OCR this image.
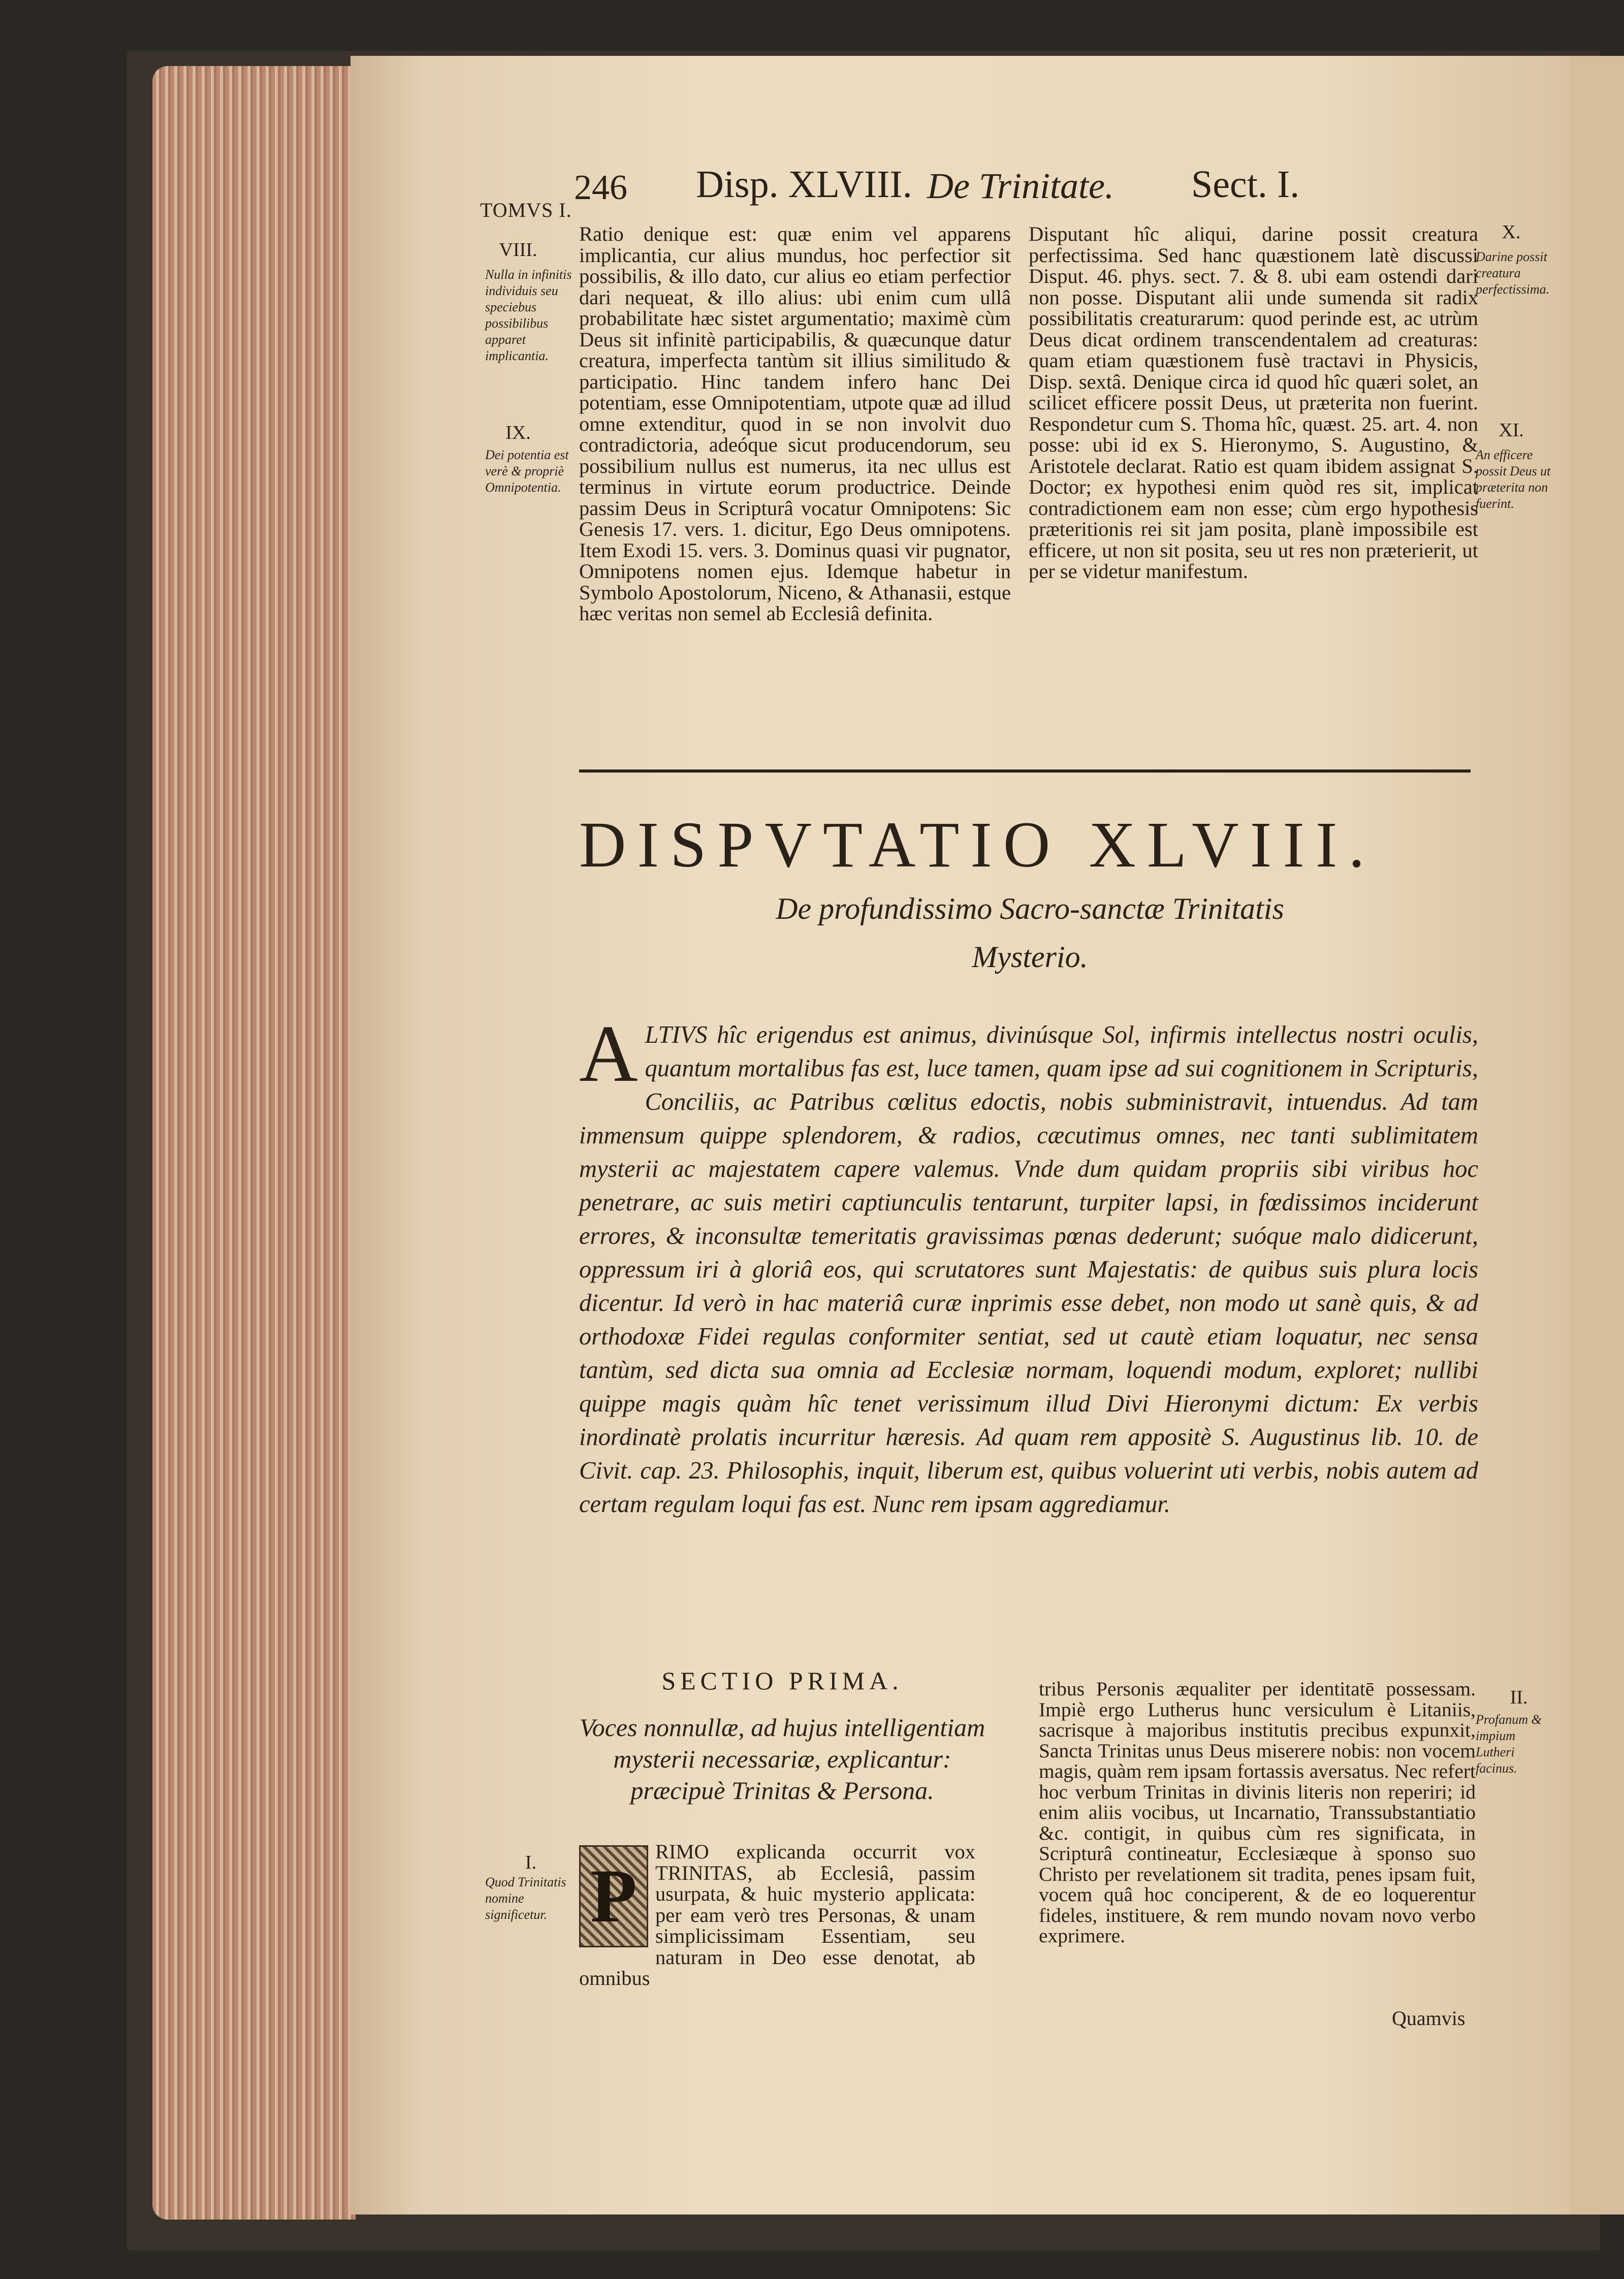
TOMVS I.
246 Disp. XLVIII. De Trinitate. Sect. I.
VIII.
Nulla in infinitis individuis seu speciebus possibilibus apparet implicantia.
IX.
Dei potentia est verè & propriè Omnipotentia.
Ratio denique est: quæ enim vel apparens implicantia, cur alius mundus, hoc perfectior sit possibilis, & illo dato, cur alius eo etiam perfectior dari nequeat, & illo alius: ubi enim cum ullâ probabilitate hæc sistet argumentatio; maximè cùm Deus sit infinitè participabilis, & quæcunque datur creatura, imperfecta tantùm sit illius similitudo & participatio. Hinc tandem infero hanc Dei potentiam, esse Omnipotentiam, utpote quæ ad illud omne extenditur, quod in se non involvit duo contradictoria, adeóque sicut producendorum, seu possibilium nullus est numerus, ita nec ullus est terminus in virtute eorum productrice. Deinde passim Deus in Scripturâ vocatur Omnipotens: Sic Genesis 17. vers. 1. dicitur, Ego Deus omnipotens. Item Exodi 15. vers. 3. Dominus quasi vir pugnator, Omnipotens nomen ejus. Idemque habetur in Symbolo Apostolorum, Niceno, & Athanasii, estque hæc veritas non semel ab Ecclesiâ definita.
Disputant hîc aliqui, darine possit creatura perfectissima. Sed hanc quæstionem latè discussi Disput. 46. phys. sect. 7. & 8. ubi eam ostendi dari non posse. Disputant alii unde sumenda sit radix possibilitatis creaturarum: quod perinde est, ac utrùm Deus dicat ordinem transcendentalem ad creaturas: quam etiam quæstionem fusè tractavi in Physicis, Disp. sextâ. Denique circa id quod hîc quæri solet, an scilicet efficere possit Deus, ut præterita non fuerint. Respondetur cum S. Thoma hîc, quæst. 25. art. 4. non posse: ubi id ex S. Hieronymo, S. Augustino, & Aristotele declarat. Ratio est quam ibidem assignat S. Doctor; ex hypothesi enim quòd res sit, implicat contradictionem eam non esse; cùm ergo hypothesis præteritionis rei sit jam posita, planè impossibile est efficere, ut non sit posita, seu ut res non præterierit, ut per se videtur manifestum.
X.
Darine possit creatura perfectissima.
XI.
An efficere possit Deus ut præterita non fuerint.
DISPVTATIO XLVIII.
De profundissimo Sacro-sanctæ Trinitatis
Mysterio.
A LTIVS hîc erigendus est animus, divinúsque Sol, infirmis intellectus nostri oculis, quantum mortalibus fas est, luce tamen, quam ipse ad sui cognitionem in Scripturis, Conciliis, ac Patribus cœlitus edoctis, nobis subministravit, intuendus. Ad tam immensum quippe splendorem, & radios, cæcutimus omnes, nec tanti sublimitatem mysterii ac majestatem capere valemus. Vnde dum quidam propriis sibi viribus hoc penetrare, ac suis metiri captiunculis tentarunt, turpiter lapsi, in fœdissimos inciderunt errores, & inconsultæ temeritatis gravissimas pœnas dederunt; suóque malo didicerunt, oppressum iri à gloriâ eos, qui scrutatores sunt Majestatis: de quibus suis plura locis dicentur. Id verò in hac materiâ curæ inprimis esse debet, non modo ut sanè quis, & ad orthodoxæ Fidei regulas conformiter sentiat, sed ut cautè etiam loquatur, nec sensa tantùm, sed dicta sua omnia ad Ecclesiæ normam, loquendi modum, exploret; nullibi quippe magis quàm hîc tenet verissimum illud Divi Hieronymi dictum: Ex verbis inordinatè prolatis incurritur hæresis. Ad quam rem appositè S. Augustinus lib. 10. de Civit. cap. 23. Philosophis, inquit, liberum est, quibus voluerint uti verbis, nobis autem ad certam regulam loqui fas est. Nunc rem ipsam aggrediamur.
SECTIO PRIMA.
Voces nonnullæ, ad hujus intelligentiam mysterii necessariæ, explicantur: præcipuè Trinitas & Persona.
I.
Quod Trinitatis nomine significetur. P
RIMO explicanda occurrit vox TRINITAS, ab Ecclesiâ, passim usurpata, & huic mysterio applicata: per eam verò tres Personas, & unam simplicissimam Essentiam, seu naturam in Deo esse denotat, ab omnibus
tribus Personis æqualiter per identitatē possessam. Impiè ergo Lutherus hunc versiculum è Litaniis, sacrisque à majoribus institutis precibus expunxit, Sancta Trinitas unus Deus miserere nobis: non vocem magis, quàm rem ipsam fortassis aversatus. Nec refert hoc verbum Trinitas in divinis literis non reperiri; id enim aliis vocibus, ut Incarnatio, Transsubstantiatio &c. contigit, in quibus cùm res significata, in Scripturâ contineatur, Ecclesiæque à sponso suo Christo per revelationem sit tradita, penes ipsam fuit, vocem quâ hoc conciperent, & de eo loquerentur fideles, instituere, & rem mundo novam novo verbo exprimere.
II.
Profanum & impium Lutheri facinus.
Quamvis
